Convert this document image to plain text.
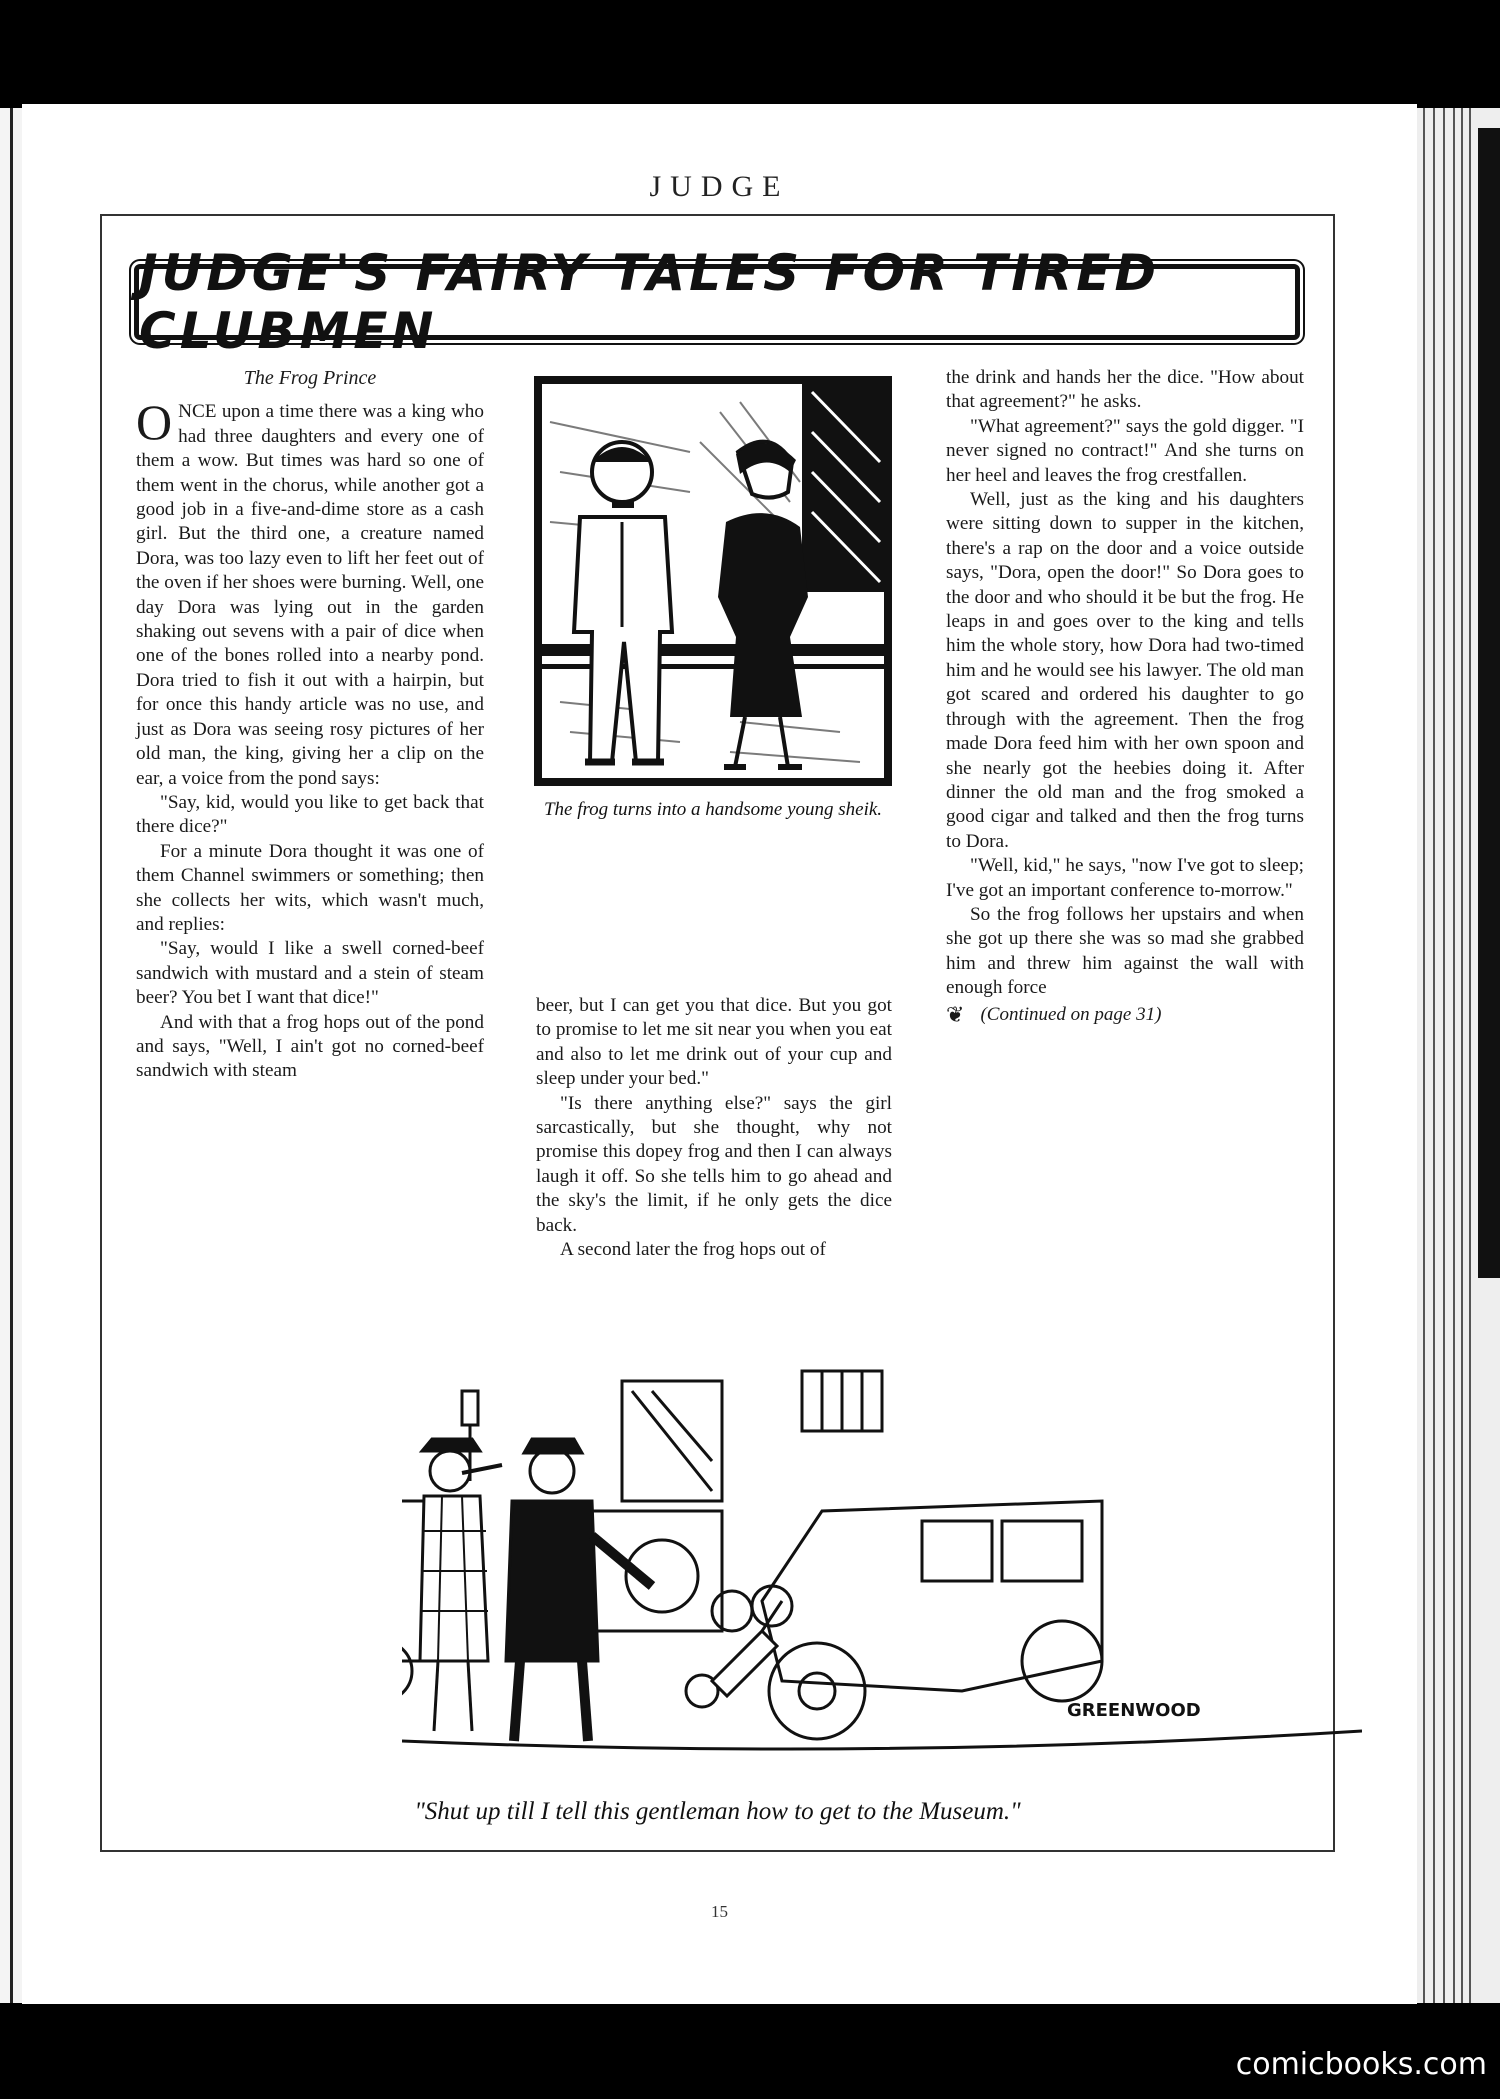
JUDGE
JUDGE'S FAIRY TALES FOR TIRED CLUBMEN
The Frog Prince

ONCE upon a time there was a king who had three daughters and every one of them a wow. But times was hard so one of them went in the chorus, while another got a good job in a five-and-dime store as a cash girl. But the third one, a creature named Dora, was too lazy even to lift her feet out of the oven if her shoes were burning. Well, one day Dora was lying out in the garden shaking out sevens with a pair of dice when one of the bones rolled into a nearby pond. Dora tried to fish it out with a hairpin, but for once this handy article was no use, and just as Dora was seeing rosy pictures of her old man, the king, giving her a clip on the ear, a voice from the pond says:

"Say, kid, would you like to get back that there dice?"

For a minute Dora thought it was one of them Channel swimmers or something; then she collects her wits, which wasn't much, and replies:

"Say, would I like a swell corned-beef sandwich with mustard and a stein of steam beer? You bet I want that dice!"

And with that a frog hops out of the pond and says, "Well, I ain't got no corned-beef sandwich with steam

The frog turns into a handsome young sheik.

beer, but I can get you that dice. But you got to promise to let me sit near you when you eat and also to let me drink out of your cup and sleep under your bed."

"Is there anything else?" says the girl sarcastically, but she thought, why not promise this dopey frog and then I can always laugh it off. So she tells him to go ahead and the sky's the limit, if he only gets the dice back.

A second later the frog hops out of

the drink and hands her the dice. "How about that agreement?" he asks.

"What agreement?" says the gold digger. "I never signed no contract!" And she turns on her heel and leaves the frog crestfallen.

Well, just as the king and his daughters were sitting down to supper in the kitchen, there's a rap on the door and a voice outside says, "Dora, open the door!" So Dora goes to the door and who should it be but the frog. He leaps in and goes over to the king and tells him the whole story, how Dora had two-timed him and he would see his lawyer. The old man got scared and ordered his daughter to go through with the agreement. Then the frog made Dora feed him with her own spoon and she nearly got the heebies doing it. After dinner the old man and the frog smoked a good cigar and talked and then the frog turns to Dora.

"Well, kid," he says, "now I've got to sleep; I've got an important conference to-morrow."

So the frog follows her upstairs and when she got up there she was so mad she grabbed him and threw him against the wall with enough force

❦ (Continued on page 31)
GREENWOOD
"Shut up till I tell this gentleman how to get to the Museum."
15
comicbooks.com
